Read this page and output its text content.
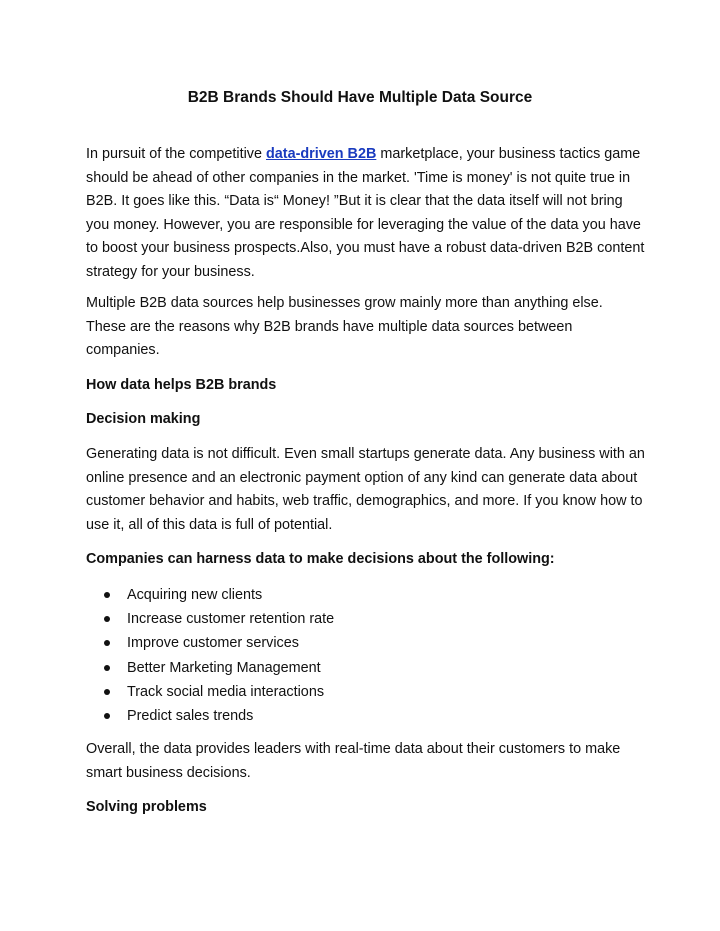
B2B Brands Should Have Multiple Data Source

In pursuit of the competitive data-driven B2B marketplace, your business tactics game should be ahead of other companies in the market. 'Time is money' is not quite true in B2B. It goes like this. “Data is“ Money! ”But it is clear that the data itself will not bring you money. However, you are responsible for leveraging the value of the data you have to boost your business prospects.Also, you must have a robust data-driven B2B content strategy for your business.

Multiple B2B data sources help businesses grow mainly more than anything else. These are the reasons why B2B brands have multiple data sources between companies.

How data helps B2B brands
Decision making

Generating data is not difficult. Even small startups generate data. Any business with an online presence and an electronic payment option of any kind can generate data about customer behavior and habits, web traffic, demographics, and more. If you know how to use it, all of this data is full of potential.

Companies can harness data to make decisions about the following:
Acquiring new clients
Increase customer retention rate
Improve customer services
Better Marketing Management
Track social media interactions
Predict sales trends

Overall, the data provides leaders with real-time data about their customers to make smart business decisions.

Solving problems
